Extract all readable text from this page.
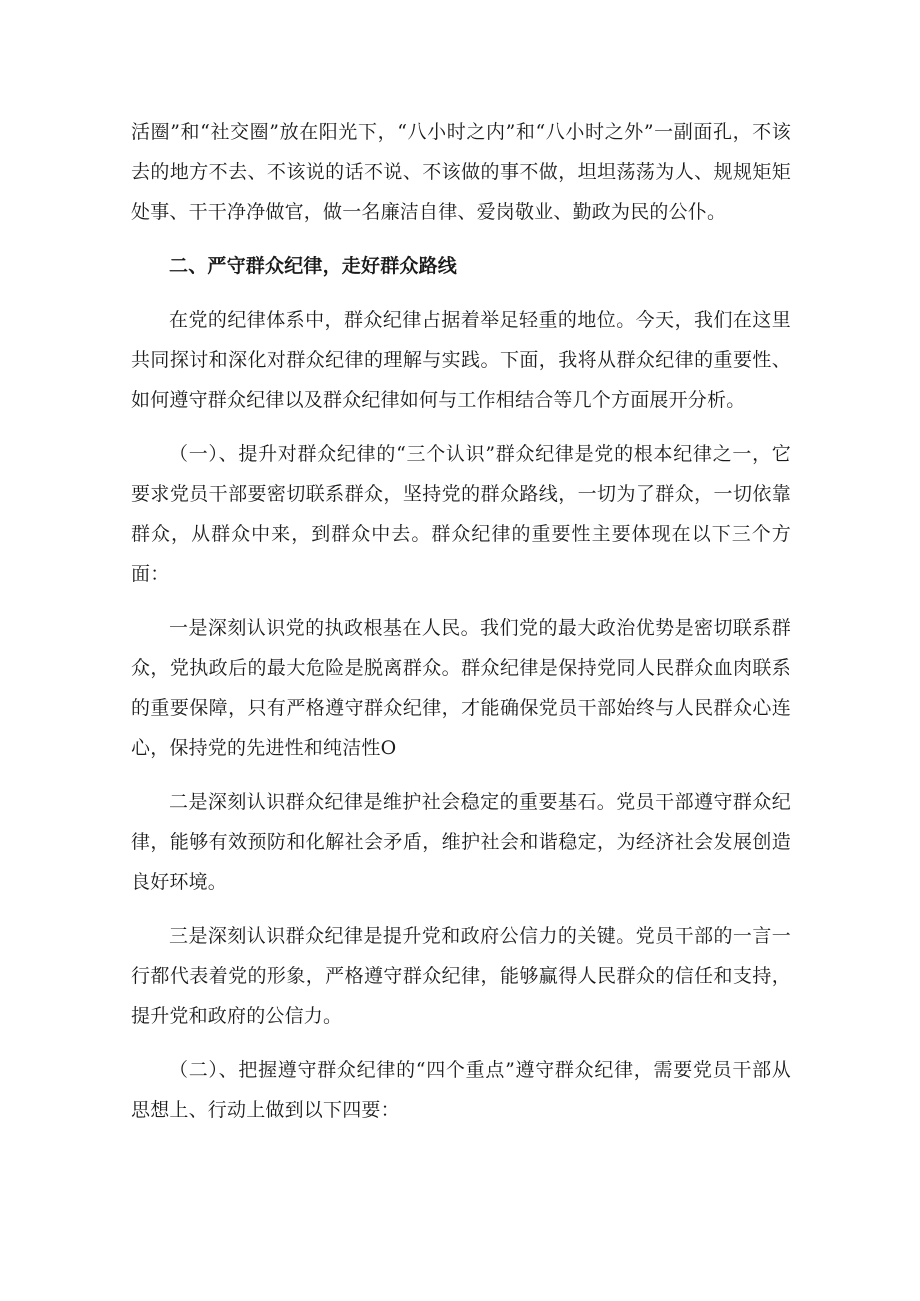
活圈”和“社交圈”放在阳光下，“八小时之内”和“八小时之外”一副面孔，不该去的地方不去、不该说的话不说、不该做的事不做，坦坦荡荡为人、规规矩矩处事、干干净净做官，做一名廉洁自律、爱岗敬业、勤政为民的公仆。

二、严守群众纪律，走好群众路线

在党的纪律体系中，群众纪律占据着举足轻重的地位。今天，我们在这里共同探讨和深化对群众纪律的理解与实践。下面，我将从群众纪律的重要性、如何遵守群众纪律以及群众纪律如何与工作相结合等几个方面展开分析。

（一）、提升对群众纪律的“三个认识”群众纪律是党的根本纪律之一，它要求党员干部要密切联系群众，坚持党的群众路线，一切为了群众，一切依靠群众，从群众中来，到群众中去。群众纪律的重要性主要体现在以下三个方面：

一是深刻认识党的执政根基在人民。我们党的最大政治优势是密切联系群众，党执政后的最大危险是脱离群众。群众纪律是保持党同人民群众血肉联系的重要保障，只有严格遵守群众纪律，才能确保党员干部始终与人民群众心连心，保持党的先进性和纯洁性O

二是深刻认识群众纪律是维护社会稳定的重要基石。党员干部遵守群众纪律，能够有效预防和化解社会矛盾，维护社会和谐稳定，为经济社会发展创造良好环境。

三是深刻认识群众纪律是提升党和政府公信力的关键。党员干部的一言一行都代表着党的形象，严格遵守群众纪律，能够赢得人民群众的信任和支持，提升党和政府的公信力。

（二）、把握遵守群众纪律的“四个重点”遵守群众纪律，需要党员干部从思想上、行动上做到以下四要：
